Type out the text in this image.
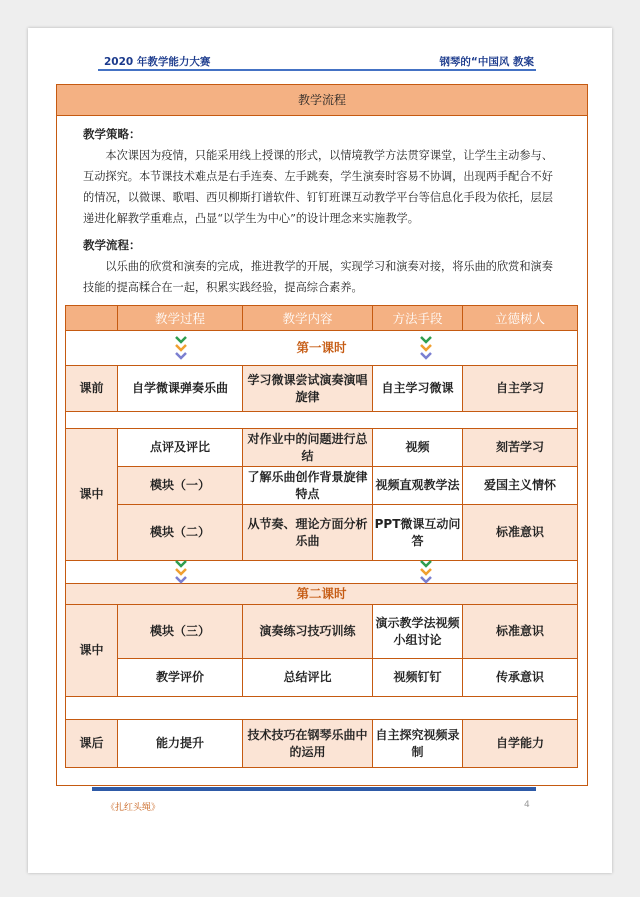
2020 年教学能力大赛	钢琴的“中国风 教案
教学流程

教学策略：

本次课因为疫情，只能采用线上授课的形式，以情境教学方法贯穿课堂，让学生主动参与、互动探究。本节课技术难点是右手连奏、左手跳奏，学生演奏时容易不协调，出现两手配合不好的情况，以微课、歌唱、西贝柳斯打谱软件、钉钉班课互动教学平台等信息化手段为依托，层层递进化解教学重难点，凸显“以学生为中心”的设计理念来实施教学。

教学流程：

以乐曲的欣赏和演奏的完成，推进教学的开展，实现学习和演奏对接，将乐曲的欣赏和演奏技能的提高糅合在一起，积累实践经验，提高综合素养。

	教学过程	教学内容	方法手段	立德树人

第一课时				

课前	自学微课弹奏乐曲	学习微课尝试演奏演唱旋律	自主学习微课	自主学习

课中	点评及评比	对作业中的问题进行总结	视频	刻苦学习
	模块（一）	了解乐曲创作背景旋律特点	视频直观教学法	爱国主义情怀
	模块（二）	从节奏、理论方面分析乐曲	PPT微课互动问答	标准意识

第二课时				
课中	模块（三）	演奏练习技巧训练	演示教学法视频小组讨论	标准意识
	教学评价	总结评比	视频钉钉	传承意识

课后	能力提升	技术技巧在钢琴乐曲中的运用	自主探究视频录制	自学能力
《扎红头绳》	4
